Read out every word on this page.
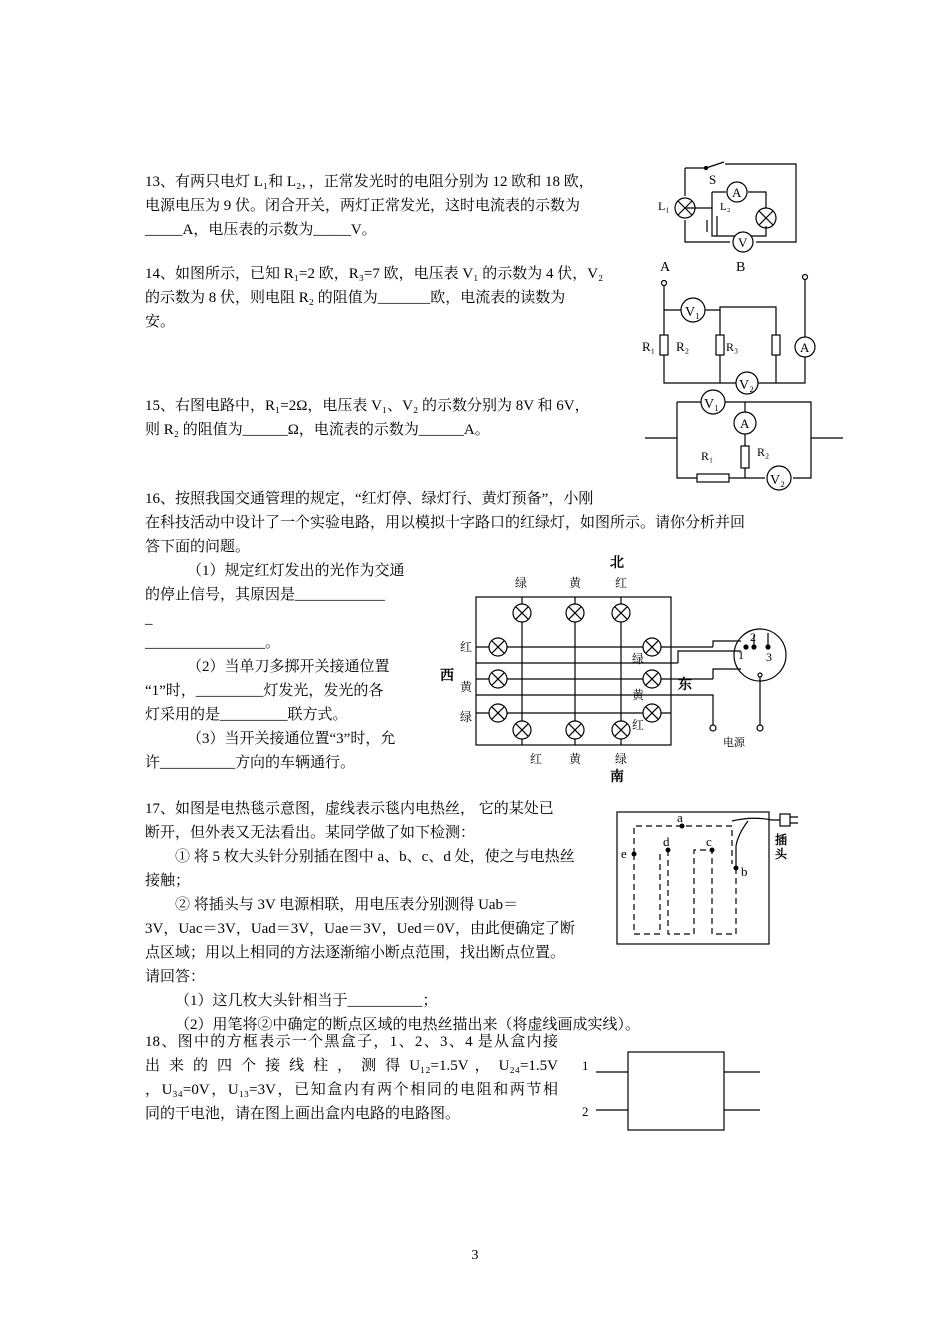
13、有两只电灯 L₁和 L₂，，正常发光时的电阻分别为 12 欧和 18 欧，
电源电压为 9 伏。闭合开关，两灯正常发光，这时电流表的示数为
_____A，电压表的示数为_____V。
S
L₁	L₂
A
V
14、如图所示，已知 R₁=2 欧，R₃=7 欧，电压表 V₁ 的示数为 4 伏，V₂
的示数为 8 伏，则电阻 R₂ 的阻值为_______欧，电流表的读数为
安。
A	B
V₁
V₂
A
R₁ R₂	R₃
15、右图电路中，R₁=2Ω，电压表 V₁、V₂ 的示数分别为 8V 和 6V，
则 R₂ 的阻值为______Ω，电流表的示数为______A。
V₁
A
R₁	R₂
V₂
16、按照我国交通管理的规定，“红灯停、绿灯行、黄灯预备”，小刚
在科技活动中设计了一个实验电路，用以模拟十字路口的红绿灯，如图所示。请你分析并回
答下面的问题。
（1）规定红灯发出的光作为交通
的停止信号，其原因是____________
_
________________。
（2）当单刀多掷开关接通位置
“1”时，_________灯发光，发光的各
灯采用的是_________联方式。
（3）当开关接通位置“3”时，允
许__________方向的车辆通行。
北
南
西
东
绿	黄	红
红 黄	绿
红
黄
绿
绿
黄
红
1
2
3
电源
17、如图是电热毯示意图，虚线表示毯内电热丝， 它的某处已
断开，但外表又无法看出。某同学做了如下检测：
① 将 5 枚大头针分别插在图中 a、b、c、d 处，使之与电热丝
接触；
② 将插头与 3V 电源相联，用电压表分别测得 Uab＝
3V，Uac＝3V，Uad＝3V，Uae＝3V，Ued＝0V，由此便确定了断
点区域；用以上相同的方法逐渐缩小断点范围，找出断点位置。
请回答：
（1）这几枚大头针相当于__________；
（2）用笔将②中确定的断点区域的电热丝描出来（将虚线画成实线）。
a
d	c
e
b
插头
18、图中的方框表示一个黑盒子，1、2、3、4 是从盒内接
出 来 的 四 个 接 线 柱 ， 测 得 U₁₂=1.5V ， U₂₄=1.5V
，U₃₄=0V，U₁₃=3V，已知盒内有两个相同的电阻和两节相
同的干电池，请在图上画出盒内电路的电路图。
1
2
3
